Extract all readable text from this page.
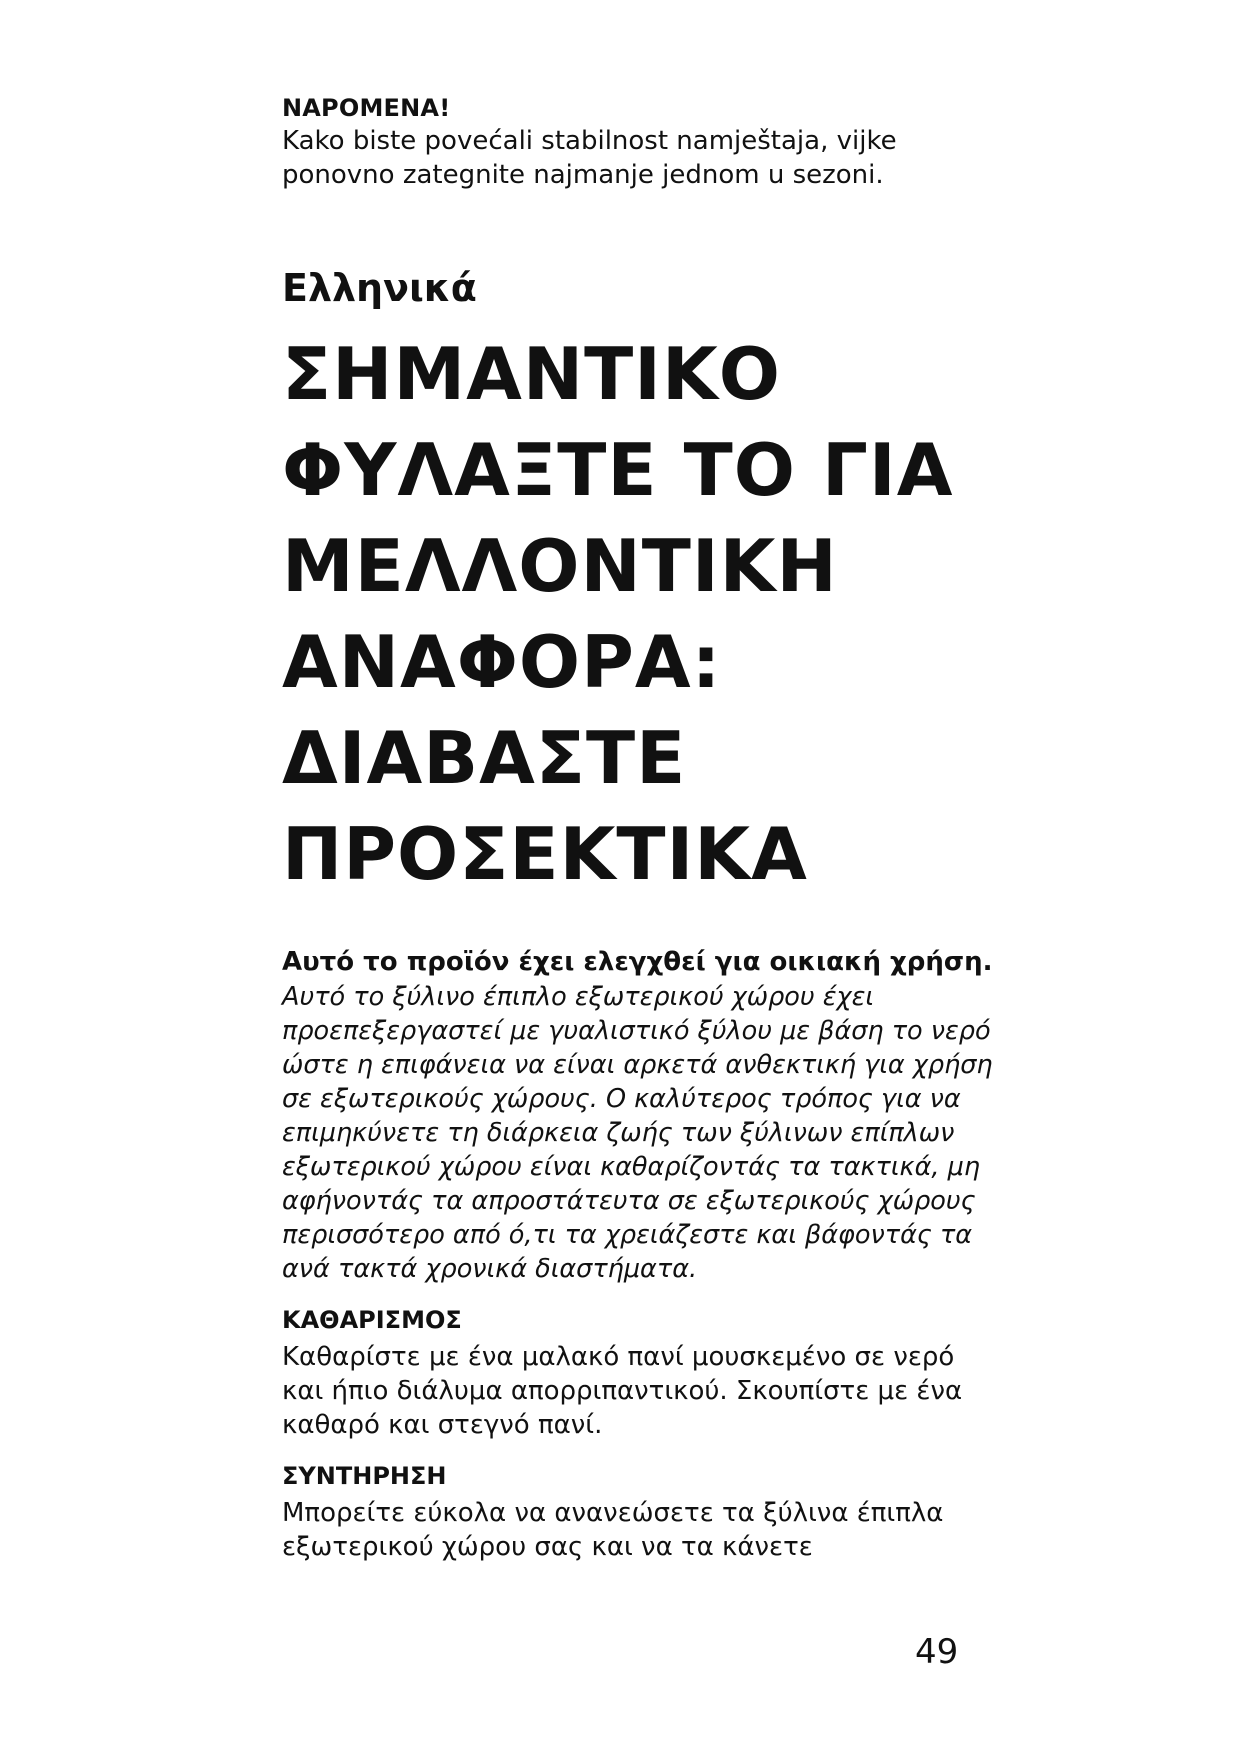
NAPOMENA!

Kako biste povećali stabilnost namještaja, vijke ponovno zategnite najmanje jednom u sezoni.

Ελληνικά
ΣΗΜΑΝΤΙΚΟ
ΦΥΛΑΞΤΕ ΤΟ ΓΙΑ
ΜΕΛΛΟΝΤΙΚΗ
ΑΝΑΦΟΡΑ:
ΔΙΑΒΑΣΤΕ
ΠΡΟΣΕΚΤΙΚΑ

Αυτό το προϊόν έχει ελεγχθεί για οικιακή χρήση.

Αυτό το ξύλινο έπιπλο εξωτερικού χώρου έχει προεπεξεργαστεί με γυαλιστικό ξύλου με βάση το νερό ώστε η επιφάνεια να είναι αρκετά ανθεκτική για χρήση σε εξωτερικούς χώρους. Ο καλύτερος τρόπος για να επιμηκύνετε τη διάρκεια ζωής των ξύλινων επίπλων εξωτερικού χώρου είναι καθαρίζοντάς τα τακτικά, μη αφήνοντάς τα απροστάτευτα σε εξωτερικούς χώρους περισσότερο από ό,τι τα χρειάζεστε και βάφοντάς τα ανά τακτά χρονικά διαστήματα.

ΚΑΘΑΡΙΣΜΟΣ

Καθαρίστε με ένα μαλακό πανί μουσκεμένο σε νερό και ήπιο διάλυμα απορριπαντικού. Σκουπίστε με ένα καθαρό και στεγνό πανί.

ΣΥΝΤΗΡΗΣΗ

Μπορείτε εύκολα να ανανεώσετε τα ξύλινα έπιπλα εξωτερικού χώρου σας και να τα κάνετε

49
